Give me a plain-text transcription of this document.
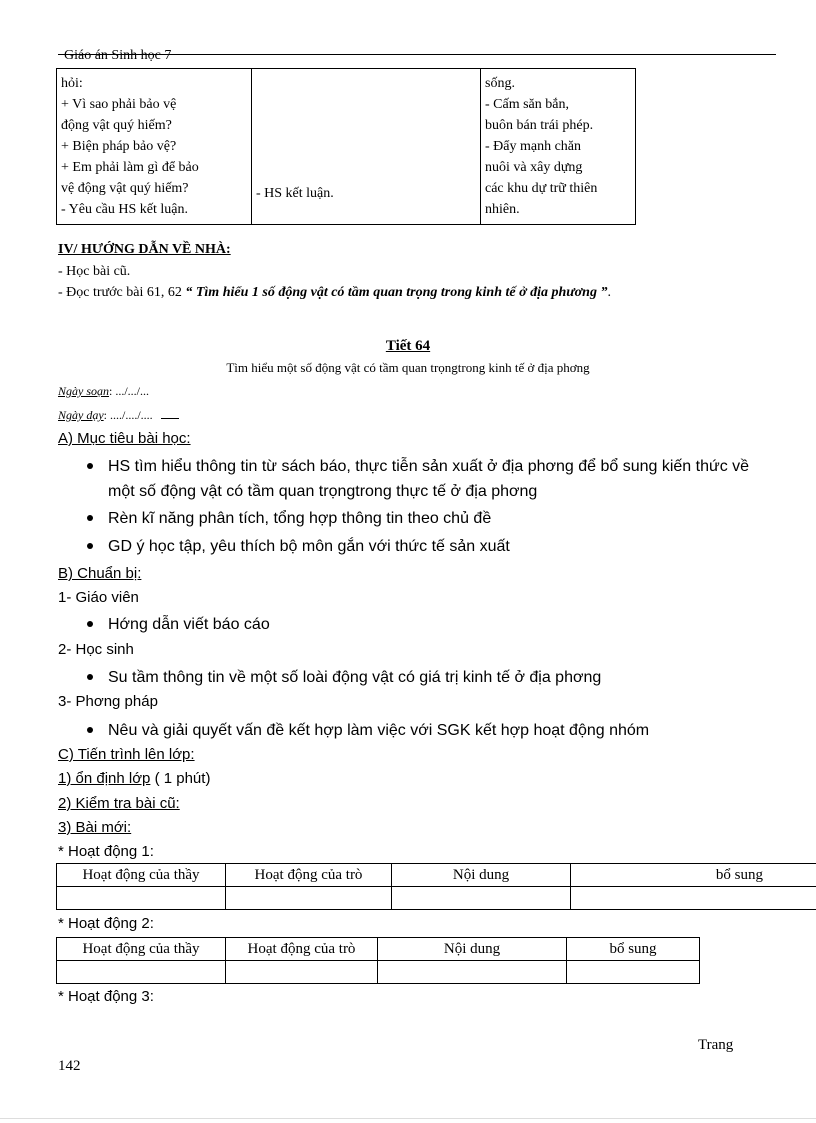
Giáo án Sinh học 7
hỏi:
+ Vì sao phải bảo vệ
động vật quý hiếm?
+ Biện pháp bảo vệ?
+ Em phải làm gì để bảo
vệ động vật quý hiếm?
- Yêu cầu HS kết luận.

- HS kết luận.

sống.
- Cấm săn bắn,
buôn bán trái phép.
- Đẩy mạnh chăn
nuôi và xây dựng
các khu dự trữ thiên
nhiên.
IV/ HƯỚNG DẪN VỀ NHÀ:
- Học bài cũ.
- Đọc trước bài 61, 62 “ Tìm hiểu 1 số động vật có tầm quan trọng trong kinh tế ở địa phương ”.
Tiết 64
Tìm hiểu một số động vật có tầm quan trọngtrong kinh tế ở địa phơng
Ngày soạn: .../.../...
Ngày dạy: ..../..../....
A) Mục tiêu bài học:
HS tìm hiểu thông tin từ sách báo, thực tiễn sản xuất ở địa phơng để bổ sung kiến thức về
một số động vật có tầm quan trọngtrong thực tế ở địa phơng
Rèn kĩ năng phân tích, tổng hợp thông tin theo chủ đề
GD ý học tập, yêu thích bộ môn gắn với thức tế sản xuất
B) Chuẩn bị:
1- Giáo viên
Hớng dẫn viết báo cáo
2- Học sinh
Su tầm thông tin về một số loài động vật có giá trị kinh tế ở địa phơng
3- Phơng pháp
Nêu và giải quyết vấn đề kết hợp làm việc với SGK kết hợp hoạt động nhóm
C) Tiến trình lên lớp:
1) ổn định lớp ( 1 phút)
2) Kiểm tra bài cũ:
3) Bài mới:
* Hoạt động 1:
Hoạt động của thầy	Hoạt động của trò	Nội dung	bổ sung

* Hoạt động 2:
Hoạt động của thầy	Hoạt động của trò	Nội dung	bổ sung

* Hoạt động 3:
Trang
142
